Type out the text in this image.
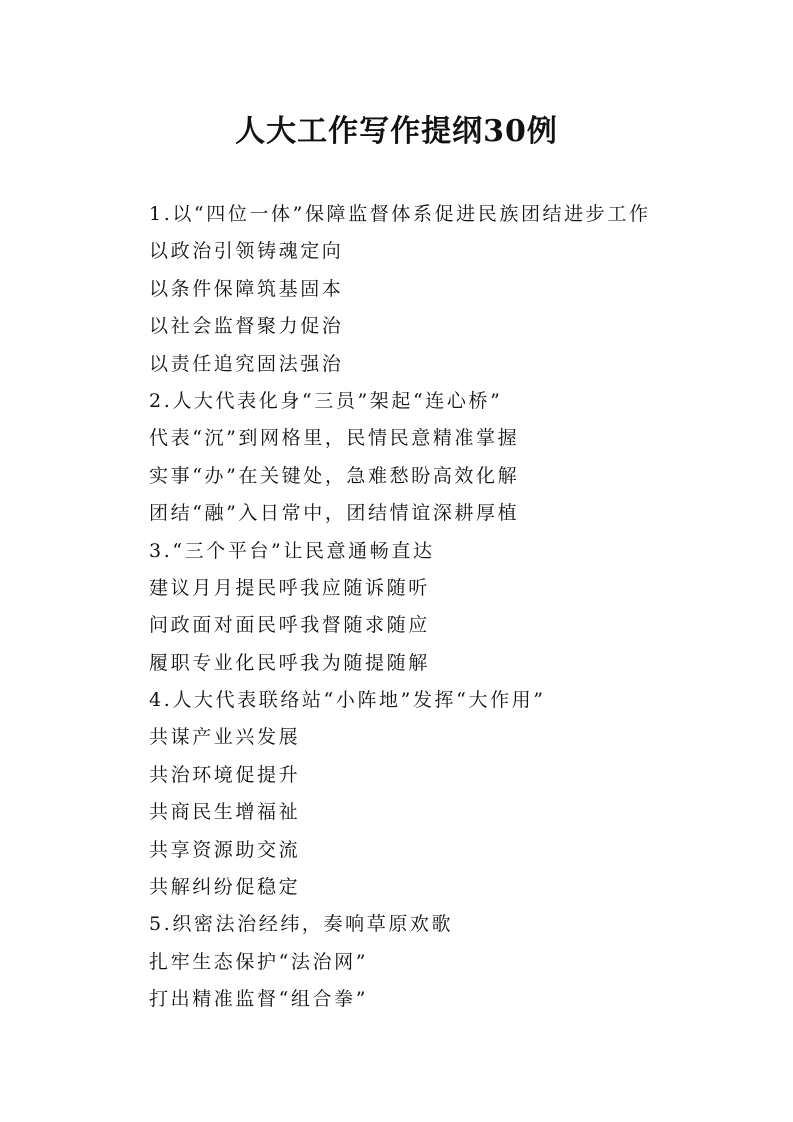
人大工作写作提纲30例
1.以“四位一体”保障监督体系促进民族团结进步工作
以政治引领铸魂定向
以条件保障筑基固本
以社会监督聚力促治
以责任追究固法强治
2.人大代表化身“三员”架起“连心桥”
代表“沉”到网格里，民情民意精准掌握
实事“办”在关键处，急难愁盼高效化解
团结“融”入日常中，团结情谊深耕厚植
3.“三个平台”让民意通畅直达
建议月月提民呼我应随诉随听
问政面对面民呼我督随求随应
履职专业化民呼我为随提随解
4.人大代表联络站“小阵地”发挥“大作用”
共谋产业兴发展
共治环境促提升
共商民生增福祉
共享资源助交流
共解纠纷促稳定
5.织密法治经纬，奏响草原欢歌
扎牢生态保护“法治网”
打出精准监督“组合拳”
